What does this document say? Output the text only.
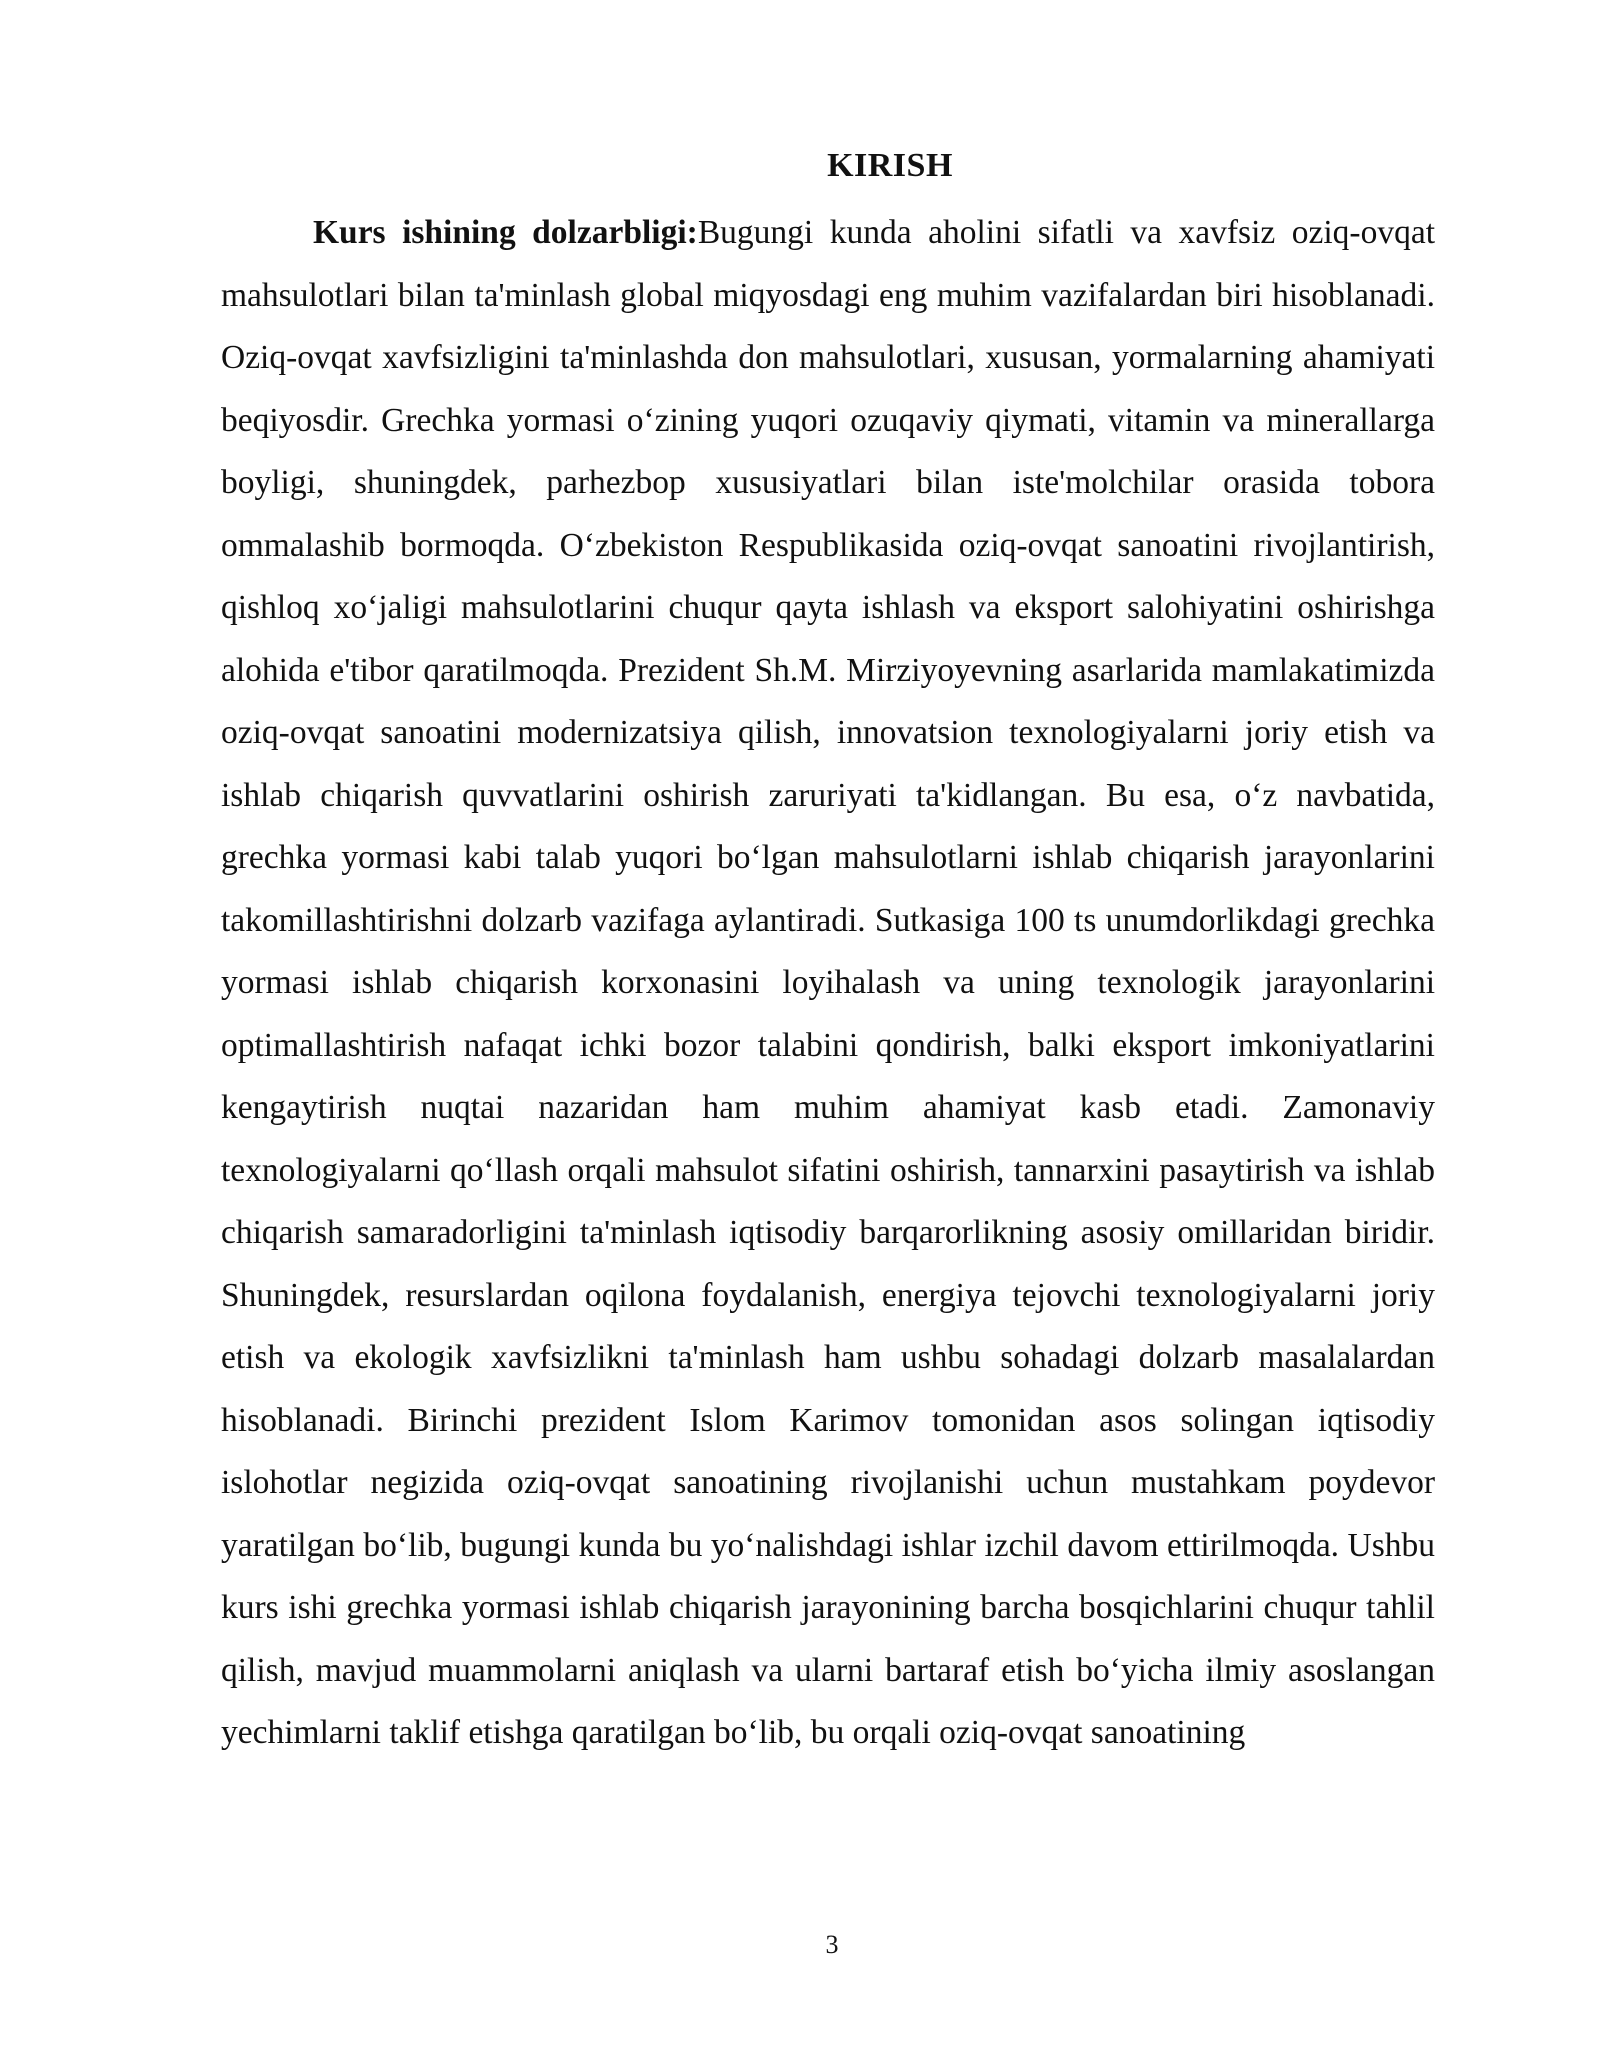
KIRISH

Kurs ishining dolzarbligi:Bugungi kunda aholini sifatli va xavfsiz oziq-ovqat mahsulotlari bilan ta'minlash global miqyosdagi eng muhim vazifalardan biri hisoblanadi. Oziq-ovqat xavfsizligini ta'minlashda don mahsulotlari, xususan, yormalarning ahamiyati beqiyosdir. Grechka yormasi o‘zining yuqori ozuqaviy qiymati, vitamin va minerallarga boyligi, shuningdek, parhezbop xususiyatlari bilan iste'molchilar orasida tobora ommalashib bormoqda. O‘zbekiston Respublikasida oziq-ovqat sanoatini rivojlantirish, qishloq xo‘jaligi mahsulotlarini chuqur qayta ishlash va eksport salohiyatini oshirishga alohida e'tibor qaratilmoqda. Prezident Sh.M. Mirziyoyevning asarlarida mamlakatimizda oziq-ovqat sanoatini modernizatsiya qilish, innovatsion texnologiyalarni joriy etish va ishlab chiqarish quvvatlarini oshirish zaruriyati ta'kidlangan. Bu esa, o‘z navbatida, grechka yormasi kabi talab yuqori bo‘lgan mahsulotlarni ishlab chiqarish jarayonlarini takomillashtirishni dolzarb vazifaga aylantiradi. Sutkasiga 100 ts unumdorlikdagi grechka yormasi ishlab chiqarish korxonasini loyihalash va uning texnologik jarayonlarini optimallashtirish nafaqat ichki bozor talabini qondirish, balki eksport imkoniyatlarini kengaytirish nuqtai nazaridan ham muhim ahamiyat kasb etadi. Zamonaviy texnologiyalarni qo‘llash orqali mahsulot sifatini oshirish, tannarxini pasaytirish va ishlab chiqarish samaradorligini ta'minlash iqtisodiy barqarorlikning asosiy omillaridan biridir. Shuningdek, resurslardan oqilona foydalanish, energiya tejovchi texnologiyalarni joriy etish va ekologik xavfsizlikni ta'minlash ham ushbu sohadagi dolzarb masalalardan hisoblanadi. Birinchi prezident Islom Karimov tomonidan asos solingan iqtisodiy islohotlar negizida oziq-ovqat sanoatining rivojlanishi uchun mustahkam poydevor yaratilgan bo‘lib, bugungi kunda bu yo‘nalishdagi ishlar izchil davom ettirilmoqda. Ushbu kurs ishi grechka yormasi ishlab chiqarish jarayonining barcha bosqichlarini chuqur tahlil qilish, mavjud muammolarni aniqlash va ularni bartaraf etish bo‘yicha ilmiy asoslangan yechimlarni taklif etishga qaratilgan bo‘lib, bu orqali oziq-ovqat sanoatining

3
